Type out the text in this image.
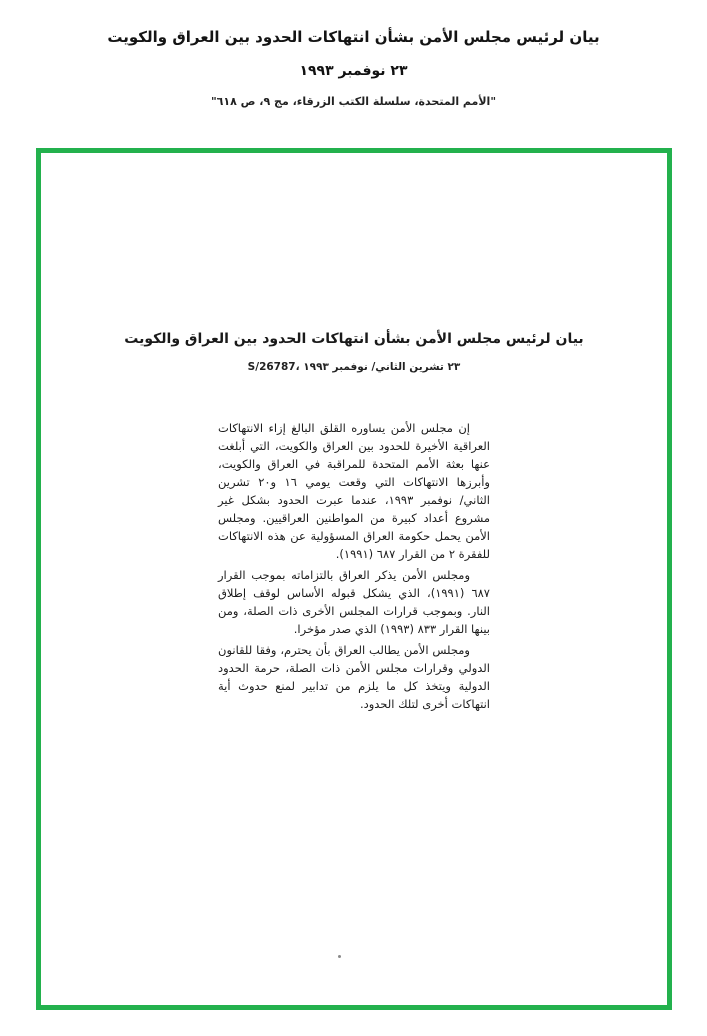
بيان لرئيس مجلس الأمن بشأن انتهاكات الحدود بين العراق والكويت
٢٣ نوفمبر ١٩٩٣
"الأمم المتحدة، سلسلة الكتب الزرقاء، مج ٩، ص ٦١٨"
بيان لرئيس مجلس الأمن بشأن انتهاكات الحدود بين العراق والكويت
S/26787، ٢٣ تشرين الثاني/ نوفمبر ١٩٩٣

إن مجلس الأمن يساوره القلق البالغ إزاء الانتهاكات العراقية الأخيرة للحدود بين العراق والكويت، التي أبلغت عنها بعثة الأمم المتحدة للمراقبة في العراق والكويت، وأبرزها الانتهاكات التي وقعت يومي ١٦ و٢٠ تشرين الثاني/ نوفمبر ١٩٩٣، عندما عبرت الحدود بشكل غير مشروع أعداد كبيرة من المواطنين العراقيين. ومجلس الأمن يحمل حكومة العراق المسؤولية عن هذه الانتهاكات للفقرة ٢ من القرار ٦٨٧ (١٩٩١).

ومجلس الأمن يذكر العراق بالتزاماته بموجب القرار ٦٨٧ (١٩٩١)، الذي يشكل قبوله الأساس لوقف إطلاق النار. وبموجب قرارات المجلس الأخرى ذات الصلة، ومن بينها القرار ٨٣٣ (١٩٩٣) الذي صدر مؤخرا.

ومجلس الأمن يطالب العراق بأن يحترم، وفقا للقانون الدولي وقرارات مجلس الأمن ذات الصلة، حرمة الحدود الدولية ويتخذ كل ما يلزم من تدابير لمنع حدوث أية انتهاكات أخرى لتلك الحدود.
